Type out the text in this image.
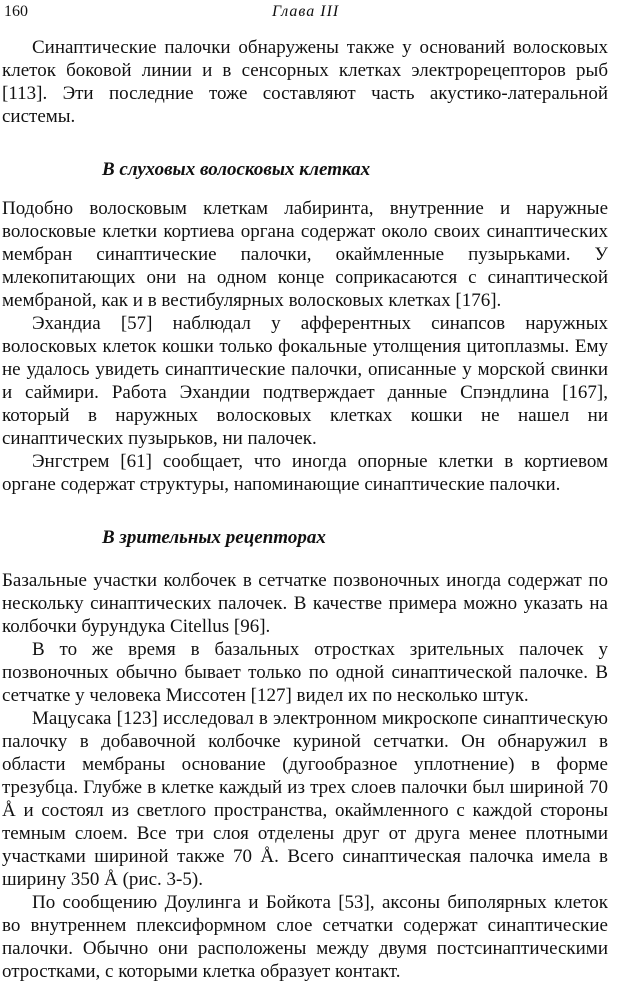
160	Глава III

Синаптические палочки обнаружены также у оснований волосковых клеток боковой линии и в сенсорных клетках электрорецепторов рыб [113]. Эти последние тоже составляют часть акустико-латеральной системы.

В слуховых волосковых клетках

Подобно волосковым клеткам лабиринта, внутренние и наружные волосковые клетки кортиева органа содержат около своих синаптических мембран синаптические палочки, окаймленные пузырьками. У млекопитающих они на одном конце соприкасаются с синаптической мембраной, как и в вестибулярных волосковых клетках [176].

Эхандиа [57] наблюдал у афферентных синапсов наружных волосковых клеток кошки только фокальные утолщения цитоплазмы. Ему не удалось увидеть синаптические палочки, описанные у морской свинки и саймири. Работа Эхандии подтверждает данные Спэндлина [167], который в наружных волосковых клетках кошки не нашел ни синаптических пузырьков, ни палочек.

Энгстрем [61] сообщает, что иногда опорные клетки в кортиевом органе содержат структуры, напоминающие синаптические палочки.

В зрительных рецепторах

Базальные участки колбочек в сетчатке позвоночных иногда содержат по нескольку синаптических палочек. В качестве примера можно указать на колбочки бурундука Citellus [96].

В то же время в базальных отростках зрительных палочек у позвоночных обычно бывает только по одной синаптической палочке. В сетчатке у человека Миссотен [127] видел их по несколько штук.

Мацусака [123] исследовал в электронном микроскопе синаптическую палочку в добавочной колбочке куриной сетчатки. Он обнаружил в области мембраны основание (дугообразное уплотнение) в форме трезубца. Глубже в клетке каждый из трех слоев палочки был шириной 70 Å и состоял из светлого пространства, окаймленного с каждой стороны темным слоем. Все три слоя отделены друг от друга менее плотными участками шириной также 70 Å. Всего синаптическая палочка имела в ширину 350 Å (рис. 3-5).

По сообщению Доулинга и Бойкота [53], аксоны биполярных клеток во внутреннем плексиформном слое сетчатки содержат синаптические палочки. Обычно они расположены между двумя постсинаптическими отростками, с которыми клетка образует контакт.
